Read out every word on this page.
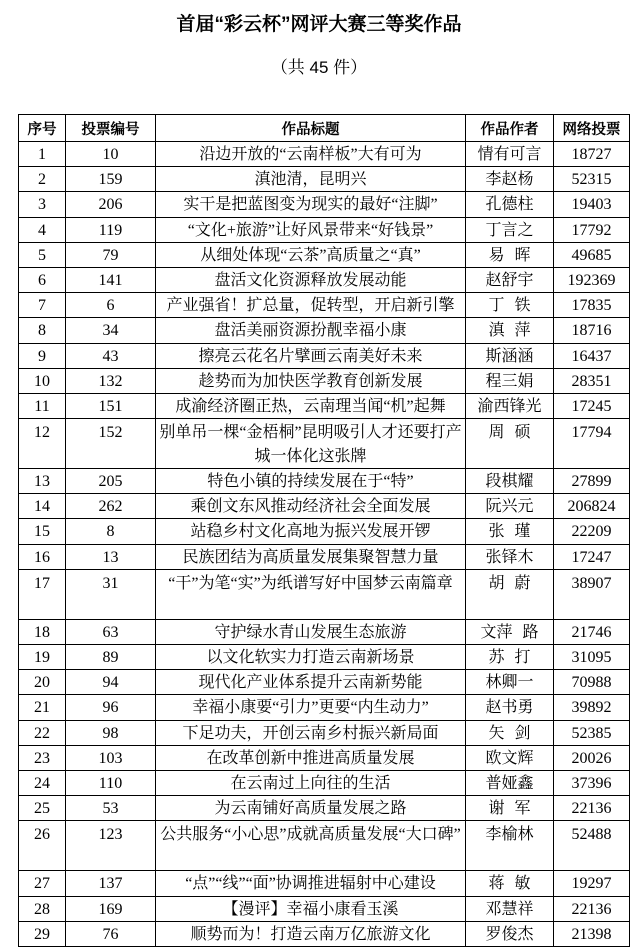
首届“彩云杯”网评大赛三等奖作品
（共 45 件）
序号	投票编号	作品标题	作品作者	网络投票
1	10	沿边开放的“云南样板”大有可为	情有可言	18727
2	159	滇池清，昆明兴	李赵杨	52315
3	206	实干是把蓝图变为现实的最好“注脚”	孔德柱	19403
4	119	“文化+旅游”让好风景带来“好钱景”	丁言之	17792
5	79	从细处体现“云茶”高质量之“真”	易 晖	49685
6	141	盘活文化资源释放发展动能	赵舒宇	192369
7	6	产业强省！扩总量，促转型，开启新引擎	丁 铁	17835
8	34	盘活美丽资源扮靓幸福小康	滇 萍	18716
9	43	擦亮云花名片擘画云南美好未来	斯涵涵	16437
10	132	趁势而为加快医学教育创新发展	程三娟	28351
11	151	成渝经济圈正热，云南理当闻“机”起舞	渝西锋光	17245
12	152	别单吊一棵“金梧桐”昆明吸引人才还要打产城一体化这张牌	周 硕	17794
13	205	特色小镇的持续发展在于“特”	段棋耀	27899
14	262	乘创文东风推动经济社会全面发展	阮兴元	206824
15	8	站稳乡村文化高地为振兴发展开锣	张 瑾	22209
16	13	民族团结为高质量发展集聚智慧力量	张铎木	17247
17	31	“干”为笔“实”为纸谱写好中国梦云南篇章	胡 蔚	38907
18	63	守护绿水青山发展生态旅游	文萍 路	21746
19	89	以文化软实力打造云南新场景	苏 打	31095
20	94	现代化产业体系提升云南新势能	林卿一	70988
21	96	幸福小康要“引力”更要“内生动力”	赵书勇	39892
22	98	下足功夫，开创云南乡村振兴新局面	矢 剑	52385
23	103	在改革创新中推进高质量发展	欧文辉	20026
24	110	在云南过上向往的生活	普娅鑫	37396
25	53	为云南铺好高质量发展之路	谢 军	22136
26	123	公共服务“小心思”成就高质量发展“大口碑”	李榆林	52488
27	137	“点”“线”“面”协调推进辐射中心建设	蒋 敏	19297
28	169	【漫评】幸福小康看玉溪	邓慧祥	22136
29	76	顺势而为！打造云南万亿旅游文化	罗俊杰	21398
